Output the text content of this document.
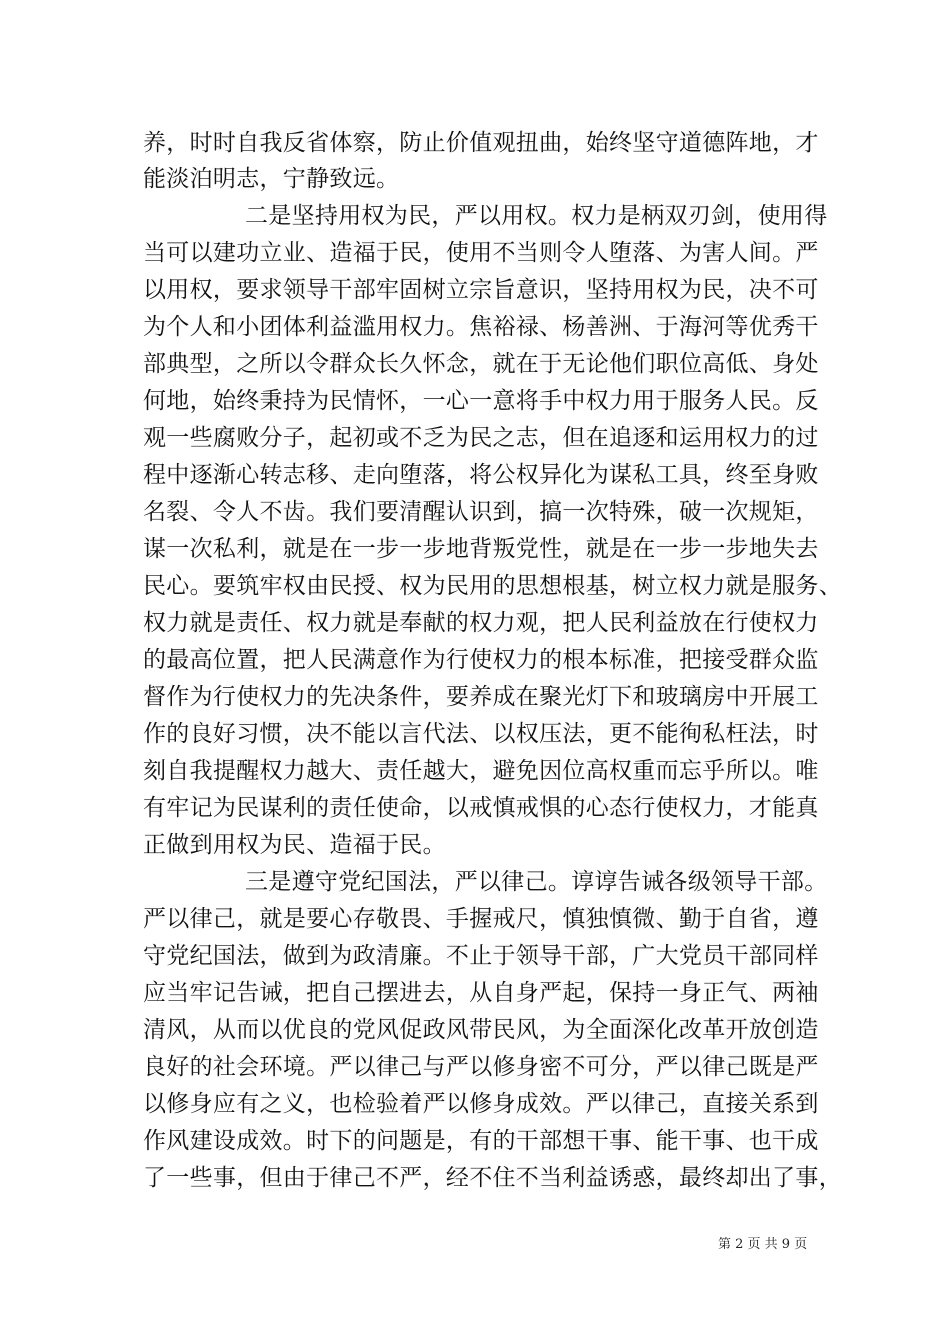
养，时时自我反省体察，防止价值观扭曲，始终坚守道德阵地，才
能淡泊明志，宁静致远。
二是坚持用权为民，严以用权。权力是柄双刃剑，使用得
当可以建功立业、造福于民，使用不当则令人堕落、为害人间。严
以用权，要求领导干部牢固树立宗旨意识，坚持用权为民，决不可
为个人和小团体利益滥用权力。焦裕禄、杨善洲、于海河等优秀干
部典型，之所以令群众长久怀念，就在于无论他们职位高低、身处
何地，始终秉持为民情怀，一心一意将手中权力用于服务人民。反
观一些腐败分子，起初或不乏为民之志，但在追逐和运用权力的过
程中逐渐心转志移、走向堕落，将公权异化为谋私工具，终至身败
名裂、令人不齿。我们要清醒认识到，搞一次特殊，破一次规矩，
谋一次私利，就是在一步一步地背叛党性，就是在一步一步地失去
民心。要筑牢权由民授、权为民用的思想根基，树立权力就是服务、
权力就是责任、权力就是奉献的权力观，把人民利益放在行使权力
的最高位置，把人民满意作为行使权力的根本标准，把接受群众监
督作为行使权力的先决条件，要养成在聚光灯下和玻璃房中开展工
作的良好习惯，决不能以言代法、以权压法，更不能徇私枉法，时
刻自我提醒权力越大、责任越大，避免因位高权重而忘乎所以。唯
有牢记为民谋利的责任使命，以戒慎戒惧的心态行使权力，才能真
正做到用权为民、造福于民。
三是遵守党纪国法，严以律己。谆谆告诫各级领导干部。
严以律己，就是要心存敬畏、手握戒尺，慎独慎微、勤于自省，遵
守党纪国法，做到为政清廉。不止于领导干部，广大党员干部同样
应当牢记告诫，把自己摆进去，从自身严起，保持一身正气、两袖
清风，从而以优良的党风促政风带民风，为全面深化改革开放创造
良好的社会环境。严以律己与严以修身密不可分，严以律己既是严
以修身应有之义，也检验着严以修身成效。严以律己，直接关系到
作风建设成效。时下的问题是，有的干部想干事、能干事、也干成
了一些事，但由于律己不严，经不住不当利益诱惑，最终却出了事，
第 2 页 共 9 页
